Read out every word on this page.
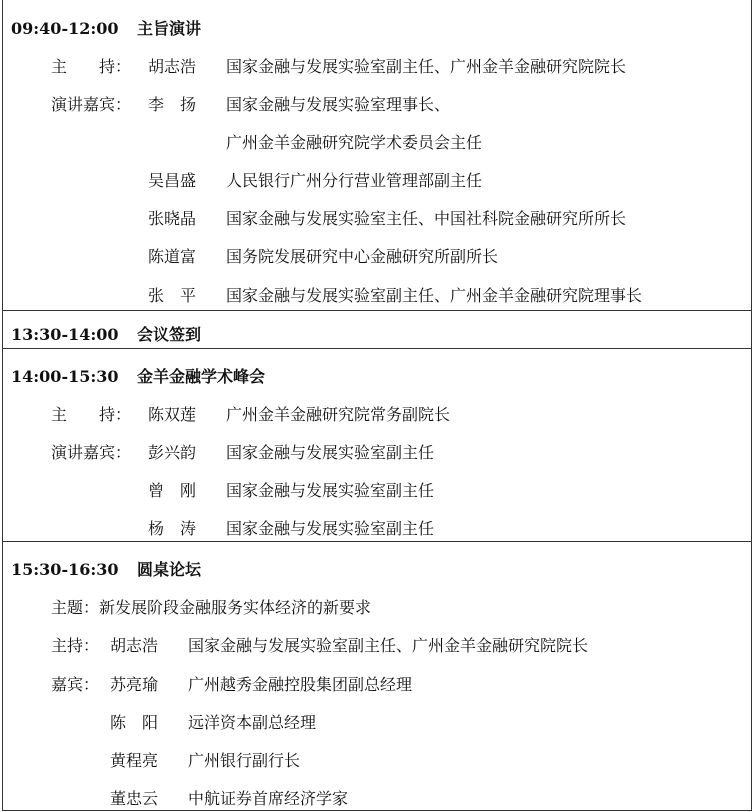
09:40-12:00 主旨演讲
主　　持： 胡志浩 国家金融与发展实验室副主任、广州金羊金融研究院院长
演讲嘉宾： 李　扬 国家金融与发展实验室理事长、
广州金羊金融研究院学术委员会主任
吴昌盛 人民银行广州分行营业管理部副主任
张晓晶 国家金融与发展实验室主任、中国社科院金融研究所所长
陈道富 国务院发展研究中心金融研究所副所长
张　平 国家金融与发展实验室副主任、广州金羊金融研究院理事长
13:30-14:00 会议签到
14:00-15:30 金羊金融学术峰会
主　　持： 陈双莲 广州金羊金融研究院常务副院长
演讲嘉宾： 彭兴韵 国家金融与发展实验室副主任
曾　刚 国家金融与发展实验室副主任
杨　涛 国家金融与发展实验室副主任
15:30-16:30 圆桌论坛
主题：新发展阶段金融服务实体经济的新要求
主持： 胡志浩 国家金融与发展实验室副主任、广州金羊金融研究院院长
嘉宾： 苏亮瑜 广州越秀金融控股集团副总经理
陈　阳 远洋资本副总经理
黄程亮 广州银行副行长
董忠云 中航证券首席经济学家
